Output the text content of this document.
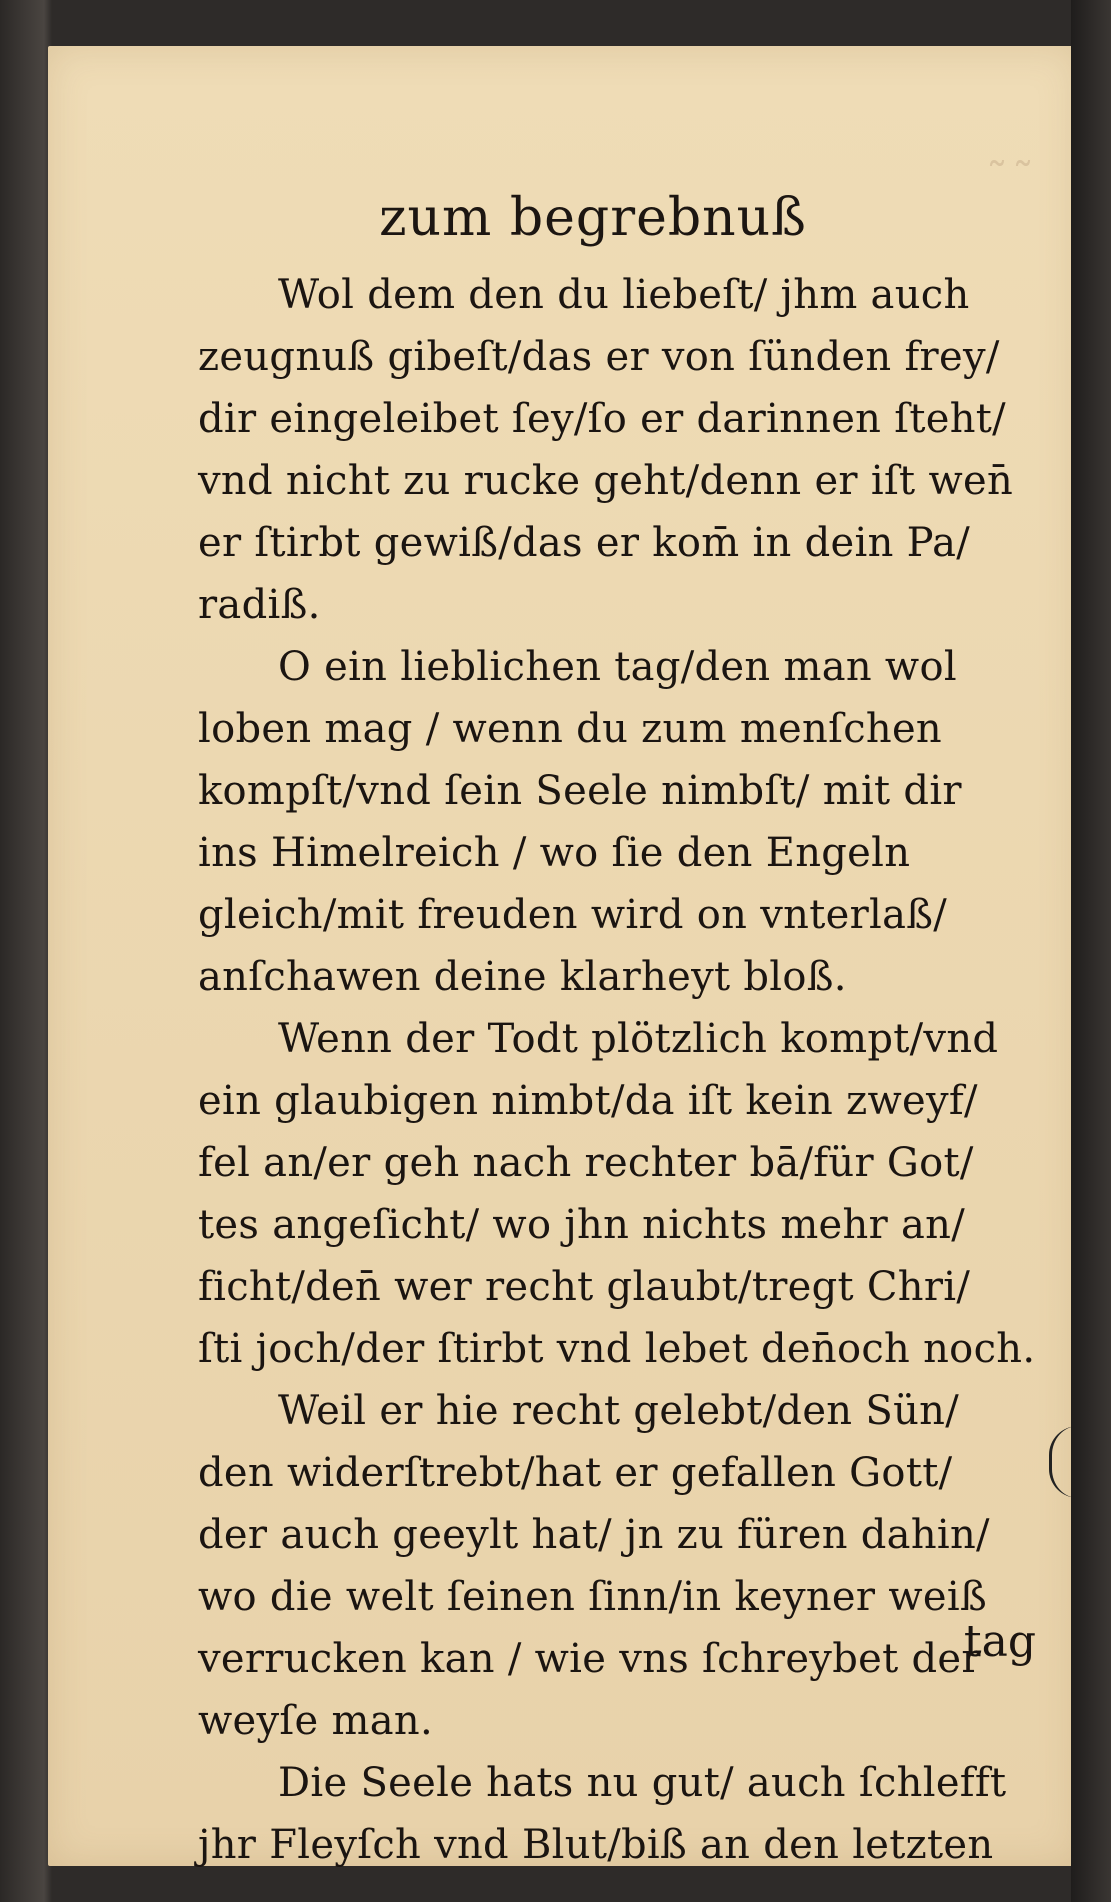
˜˜
zum begrebnuß
Wol dem den du liebeſt/ jhm auch
zeugnuß gibeſt/das er von ſünden frey/
dir eingeleibet ſey/ſo er darinnen ſteht/
vnd nicht zu rucke geht/denn er iſt wen̄
er ſtirbt gewiß/das er kom̄ in dein Pa/
radiß.
O ein lieblichen tag/den man wol
loben mag / wenn du zum menſchen
kompſt/vnd ſein Seele nimbſt/ mit dir
ins Himelreich / wo ſie den Engeln
gleich/mit freuden wird on vnterlaß/
anſchawen deine klarheyt bloß.
Wenn der Todt plötzlich kompt/vnd
ein glaubigen nimbt/da iſt kein zweyf/
fel an/er geh nach rechter bā/für Got/
tes angeſicht/ wo jhn nichts mehr an/
ficht/den̄ wer recht glaubt/tregt Chri/
ſti joch/der ſtirbt vnd lebet den̄och noch.
Weil er hie recht gelebt/den Sün/
den widerſtrebt/hat er gefallen Gott/
der auch geeylt hat/ jn zu füren dahin/
wo die welt ſeinen ſinn/in keyner weiß
verrucken kan / wie vns ſchreybet der
weyſe man.
Die Seele hats nu gut/ auch ſchlefft
jhr Fleyſch vnd Blut/biß an den letzten
tag
